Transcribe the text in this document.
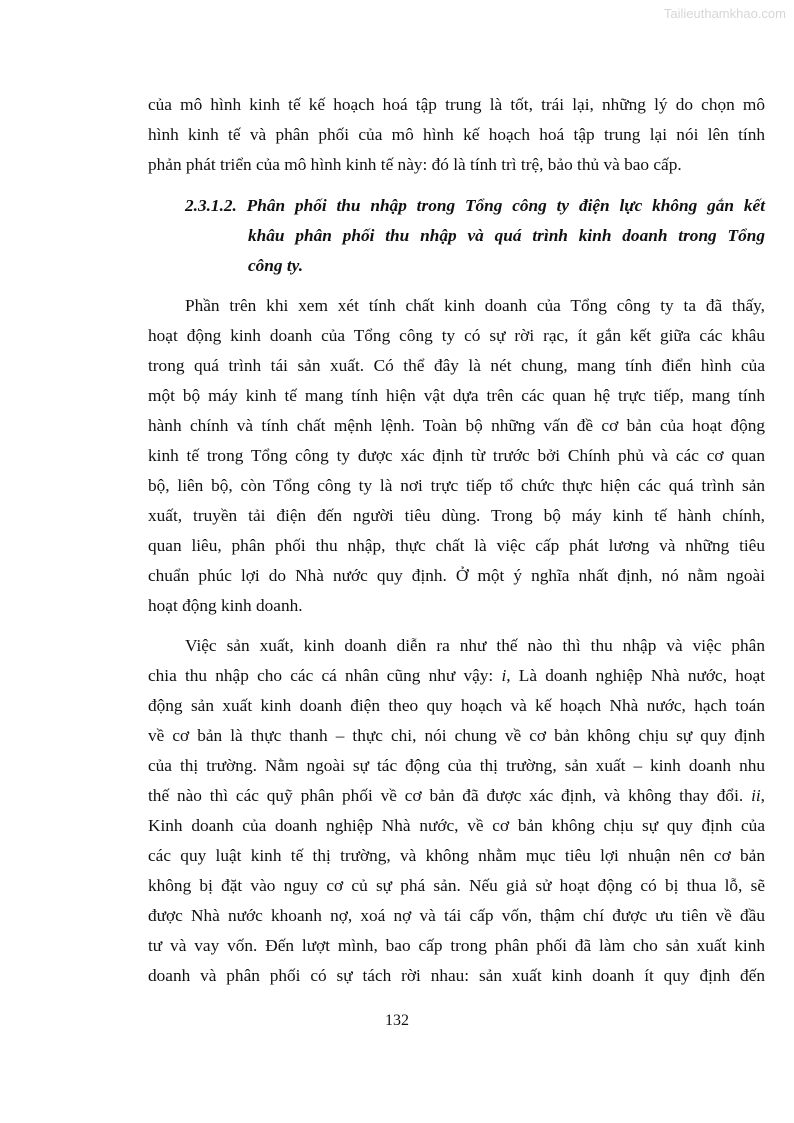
Tailieuthamkhao.com
của mô hình kinh tế kế hoạch hoá tập trung là tốt, trái lại, những lý do chọn mô
hình kinh tế và phân phối của mô hình kế hoạch hoá tập trung lại nói lên tính
phản phát triển của mô hình kinh tế này: đó là tính trì trệ, bảo thủ và bao cấp.
2.3.1.2. Phân phối thu nhập trong Tổng công ty điện lực không gắn kết
khâu phân phối thu nhập và quá trình kinh doanh trong Tổng
công ty.
Phần trên khi xem xét tính chất kinh doanh của Tổng công ty ta đã thấy,
hoạt động kinh doanh của Tổng công ty có sự rời rạc, ít gắn kết giữa các khâu
trong quá trình tái sản xuất. Có thể đây là nét chung, mang tính điển hình của
một bộ máy kinh tế mang tính hiện vật dựa trên các quan hệ trực tiếp, mang tính
hành chính và tính chất mệnh lệnh. Toàn bộ những vấn đề cơ bản của hoạt động
kinh tế trong Tổng công ty được xác định từ trước bởi Chính phủ và các cơ quan
bộ, liên bộ, còn Tổng công ty là nơi trực tiếp tổ chức thực hiện các quá trình sản
xuất, truyền tải điện đến người tiêu dùng. Trong bộ máy kinh tế hành chính,
quan liêu, phân phối thu nhập, thực chất là việc cấp phát lương và những tiêu
chuẩn phúc lợi do Nhà nước quy định. Ở một ý nghĩa nhất định, nó nằm ngoài
hoạt động kinh doanh.
Việc sản xuất, kinh doanh diễn ra như thế nào thì thu nhập và việc phân
chia thu nhập cho các cá nhân cũng như vậy: i, Là doanh nghiệp Nhà nước, hoạt
động sản xuất kinh doanh điện theo quy hoạch và kế hoạch Nhà nước, hạch toán
về cơ bản là thực thanh – thực chi, nói chung về cơ bản không chịu sự quy định
của thị trường. Nằm ngoài sự tác động của thị trường, sản xuất – kinh doanh nhu
thế nào thì các quỹ phân phối về cơ bản đã được xác định, và không thay đổi. ii,
Kinh doanh của doanh nghiệp Nhà nước, về cơ bản không chịu sự quy định của
các quy luật kinh tế thị trường, và không nhằm mục tiêu lợi nhuận nên cơ bản
không bị đặt vào nguy cơ củ sự phá sản. Nếu giả sử hoạt động có bị thua lỗ, sẽ
được Nhà nước khoanh nợ, xoá nợ và tái cấp vốn, thậm chí được ưu tiên về đầu
tư và vay vốn. Đến lượt mình, bao cấp trong phân phối đã làm cho sản xuất kinh
doanh và phân phối có sự tách rời nhau: sản xuất kinh doanh ít quy định đến
132
